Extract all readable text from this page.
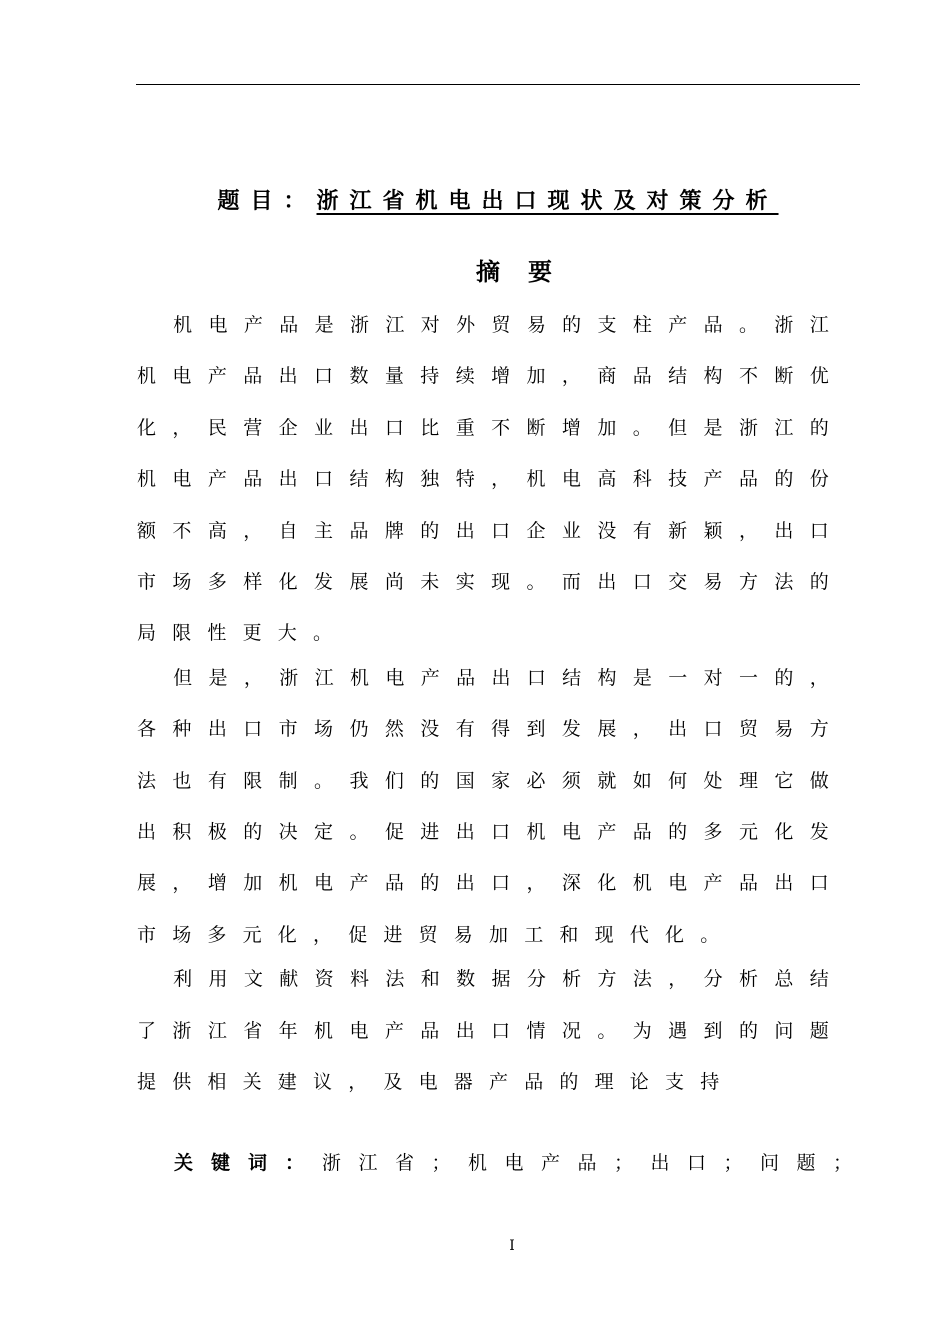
题目：浙江省机电出口现状及对策分析
摘要

机电产品是浙江对外贸易的支柱产品。浙江机电产品出口数量持续增加，商品结构不断优化，民营企业出口比重不断增加。但是浙江的机电产品出口结构独特，机电高科技产品的份额不高，自主品牌的出口企业没有新颖，出口市场多样化发展尚未实现。而出口交易方法的局限性更大。

但是，浙江机电产品出口结构是一对一的，各种出口市场仍然没有得到发展，出口贸易方法也有限制。我们的国家必须就如何处理它做出积极的决定。促进出口机电产品的多元化发展，增加机电产品的出口，深化机电产品出口市场多元化，促进贸易加工和现代化。

利用文献资料法和数据分析方法，分析总结了浙江省年机电产品出口情况。为遇到的问题提供相关建议，及电器产品的理论支持

关键词：浙江省；机电产品；出口；问题；
I
